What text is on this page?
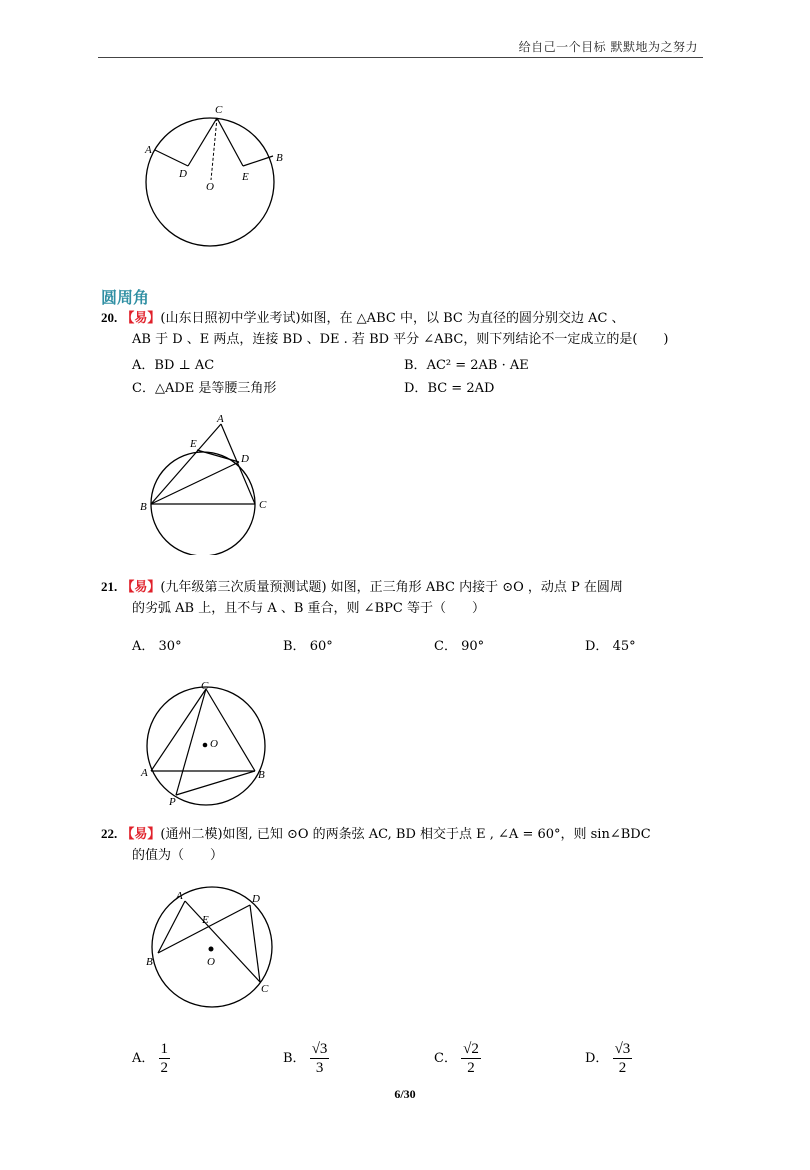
给自己一个目标 默默地为之努力
C
A
B
D	E
O
圆周角
20. 【易】(山东日照初中学业考试)如图，在 △ABC 中，以 BC 为直径的圆分别交边 AC 、
AB 于 D 、E 两点，连接 BD 、DE . 若 BD 平分 ∠ABC，则下列结论不一定成立的是(　　)
A．BD ⊥ AC	B．AC² = 2AB · AE
C．△ADE 是等腰三角形	D．BC = 2AD
A
E
D
B	C
21. 【易】(九年级第三次质量预测试题) 如图，正三角形 ABC 内接于 ⊙O ，动点 P 在圆周
的劣弧 AB 上，且不与 A 、B 重合，则 ∠BPC 等于（　　）
A． 30°	B． 60°	C． 90°	D． 45°
C
O
A	B
P
22. 【易】(通州二模)如图, 已知 ⊙O 的两条弦 AC, BD 相交于点 E , ∠A = 60°，则 sin∠BDC
的值为（　　）
A	D
E
B	O
C
A． $\frac{1}{2}$	B． $\frac{√3}{3}$	C． $\frac{√2}{2}$	D． $\frac{√3}{2}$
6/30
